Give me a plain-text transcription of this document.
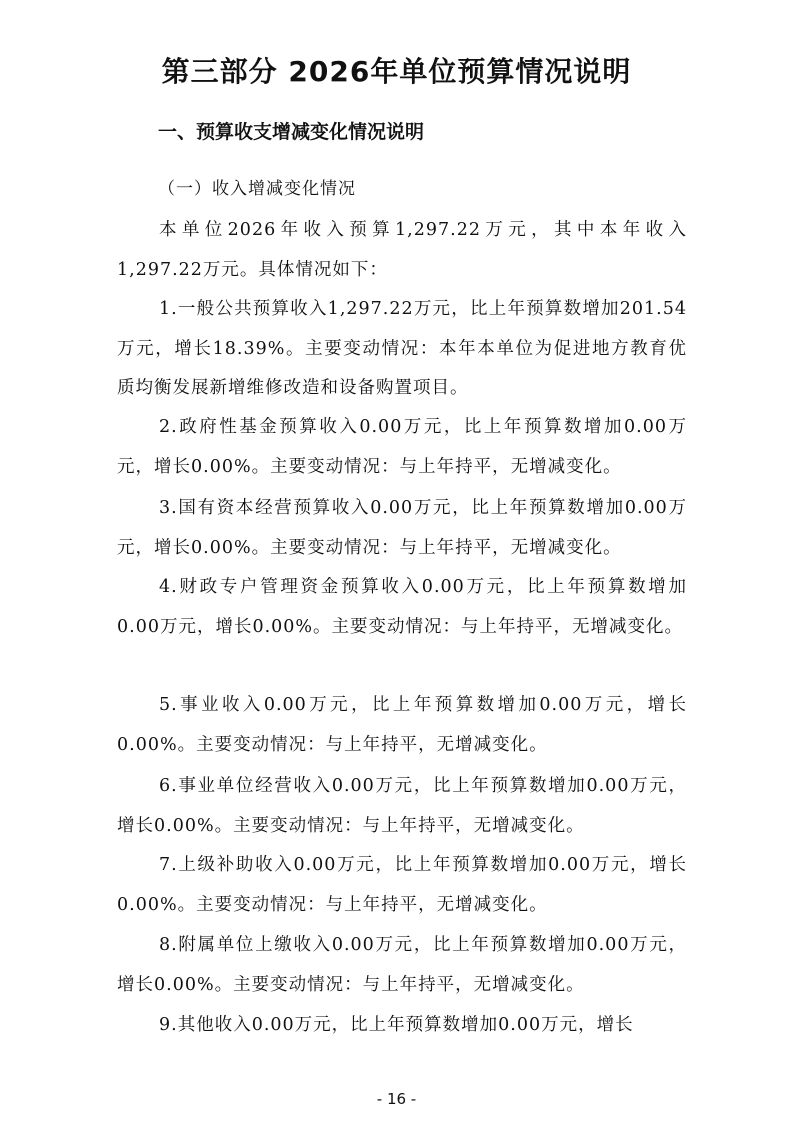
第三部分 2026年单位预算情况说明
一、预算收支增减变化情况说明
（一）收入增减变化情况

本单位2026年收入预算1,297.22万元，其中本年收入1,297.22万元。具体情况如下：

1.一般公共预算收入1,297.22万元，比上年预算数增加201.54万元，增长18.39%。主要变动情况：本年本单位为促进地方教育优质均衡发展新增维修改造和设备购置项目。

2.政府性基金预算收入0.00万元，比上年预算数增加0.00万元，增长0.00%。主要变动情况：与上年持平，无增减变化。

3.国有资本经营预算收入0.00万元，比上年预算数增加0.00万元，增长0.00%。主要变动情况：与上年持平，无增减变化。

4.财政专户管理资金预算收入0.00万元，比上年预算数增加0.00万元，增长0.00%。主要变动情况：与上年持平，无增减变化。

5.事业收入0.00万元，比上年预算数增加0.00万元，增长0.00%。主要变动情况：与上年持平，无增减变化。

6.事业单位经营收入0.00万元，比上年预算数增加0.00万元，增长0.00%。主要变动情况：与上年持平，无增减变化。

7.上级补助收入0.00万元，比上年预算数增加0.00万元，增长0.00%。主要变动情况：与上年持平，无增减变化。

8.附属单位上缴收入0.00万元，比上年预算数增加0.00万元，增长0.00%。主要变动情况：与上年持平，无增减变化。

9.其他收入0.00万元，比上年预算数增加0.00万元，增长

- 16 -
